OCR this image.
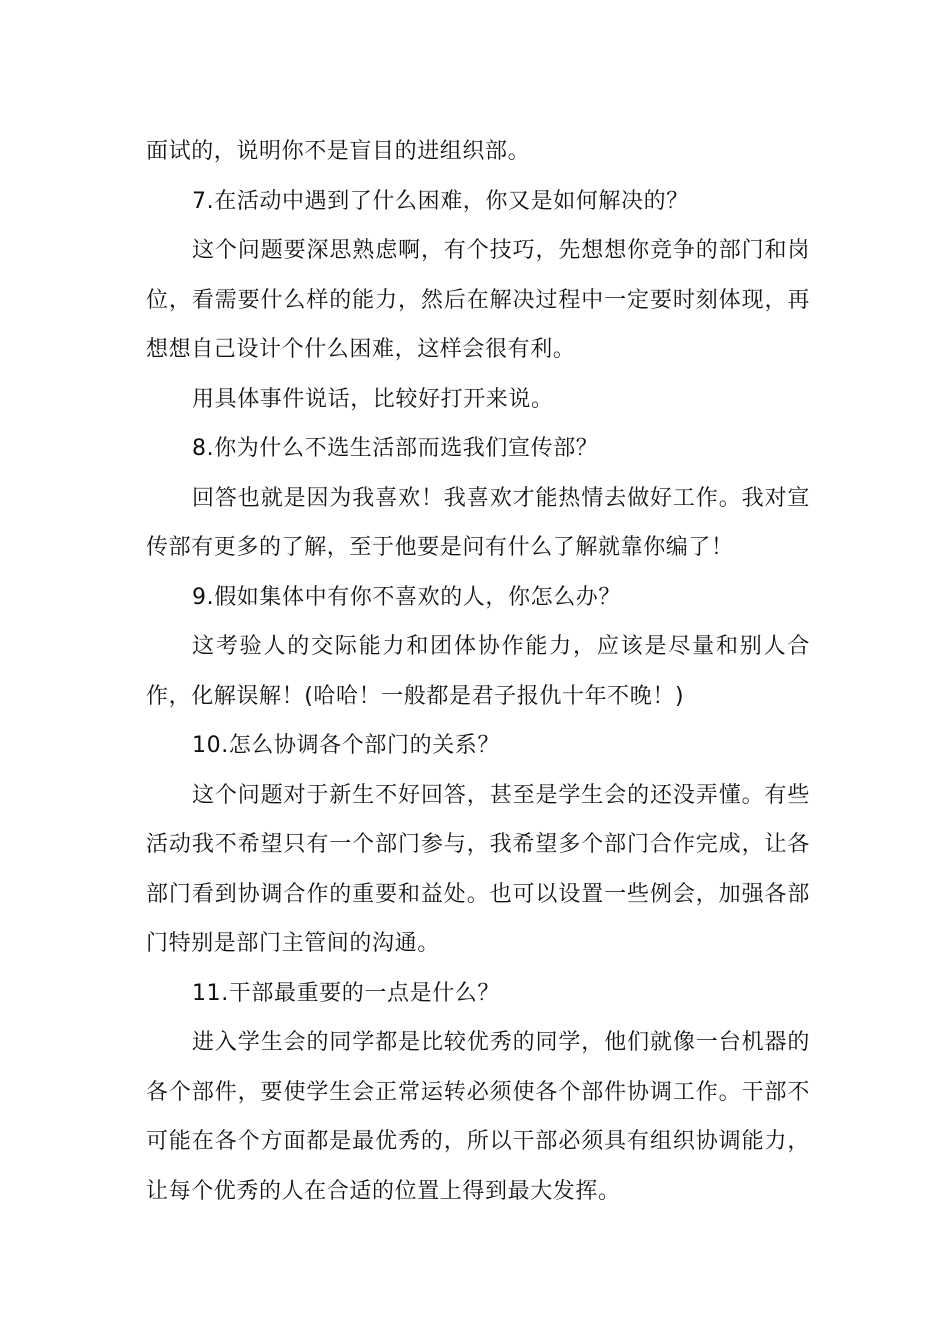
面试的，说明你不是盲目的进组织部。

7.在活动中遇到了什么困难，你又是如何解决的？

这个问题要深思熟虑啊，有个技巧，先想想你竞争的部门和岗位，看需要什么样的能力，然后在解决过程中一定要时刻体现，再想想自己设计个什么困难，这样会很有利。

用具体事件说话，比较好打开来说。

8.你为什么不选生活部而选我们宣传部？

回答也就是因为我喜欢！我喜欢才能热情去做好工作。我对宣传部有更多的了解，至于他要是问有什么了解就靠你编了！

9.假如集体中有你不喜欢的人，你怎么办？

这考验人的交际能力和团体协作能力，应该是尽量和别人合作，化解误解！(哈哈！一般都是君子报仇十年不晚！)

10.怎么协调各个部门的关系？

这个问题对于新生不好回答，甚至是学生会的还没弄懂。有些活动我不希望只有一个部门参与，我希望多个部门合作完成，让各部门看到协调合作的重要和益处。也可以设置一些例会，加强各部门特别是部门主管间的沟通。

11.干部最重要的一点是什么？

进入学生会的同学都是比较优秀的同学，他们就像一台机器的各个部件，要使学生会正常运转必须使各个部件协调工作。干部不可能在各个方面都是最优秀的，所以干部必须具有组织协调能力，让每个优秀的人在合适的位置上得到最大发挥。
